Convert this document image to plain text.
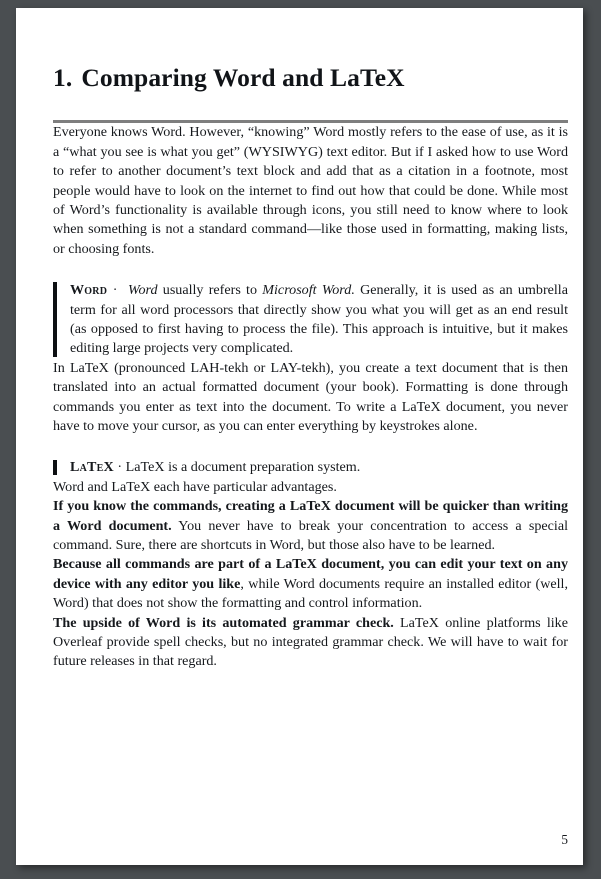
1. Comparing Word and LaTeX

Everyone knows Word. However, “knowing” Word mostly refers to the ease of use, as it is a “what you see is what you get” (WYSIWYG) text editor. But if I asked how to use Word to refer to another document’s text block and add that as a citation in a footnote, most people would have to look on the internet to find out how that could be done. While most of Word’s functionality is available through icons, you still need to know where to look when something is not a standard command—like those used in formatting, making lists, or choosing fonts.

Word · Word usually refers to Microsoft Word. Generally, it is used as an umbrella term for all word processors that directly show you what you will get as an end result (as opposed to first having to process the file). This approach is intuitive, but it makes editing large projects very complicated.

In LaTeX (pronounced LAH-tekh or LAY-tekh), you create a text document that is then translated into an actual formatted document (your book). Formatting is done through commands you enter as text into the document. To write a LaTeX document, you never have to move your cursor, as you can enter everything by keystrokes alone.

LaTeX · LaTeX is a document preparation system.

Word and LaTeX each have particular advantages.

If you know the commands, creating a LaTeX document will be quicker than writing a Word document. You never have to break your concentration to access a special command. Sure, there are shortcuts in Word, but those also have to be learned.

Because all commands are part of a LaTeX document, you can edit your text on any device with any editor you like, while Word documents require an installed editor (well, Word) that does not show the formatting and control information.

The upside of Word is its automated grammar check. LaTeX online platforms like Overleaf provide spell checks, but no integrated grammar check. We will have to wait for future releases in that regard.

5
